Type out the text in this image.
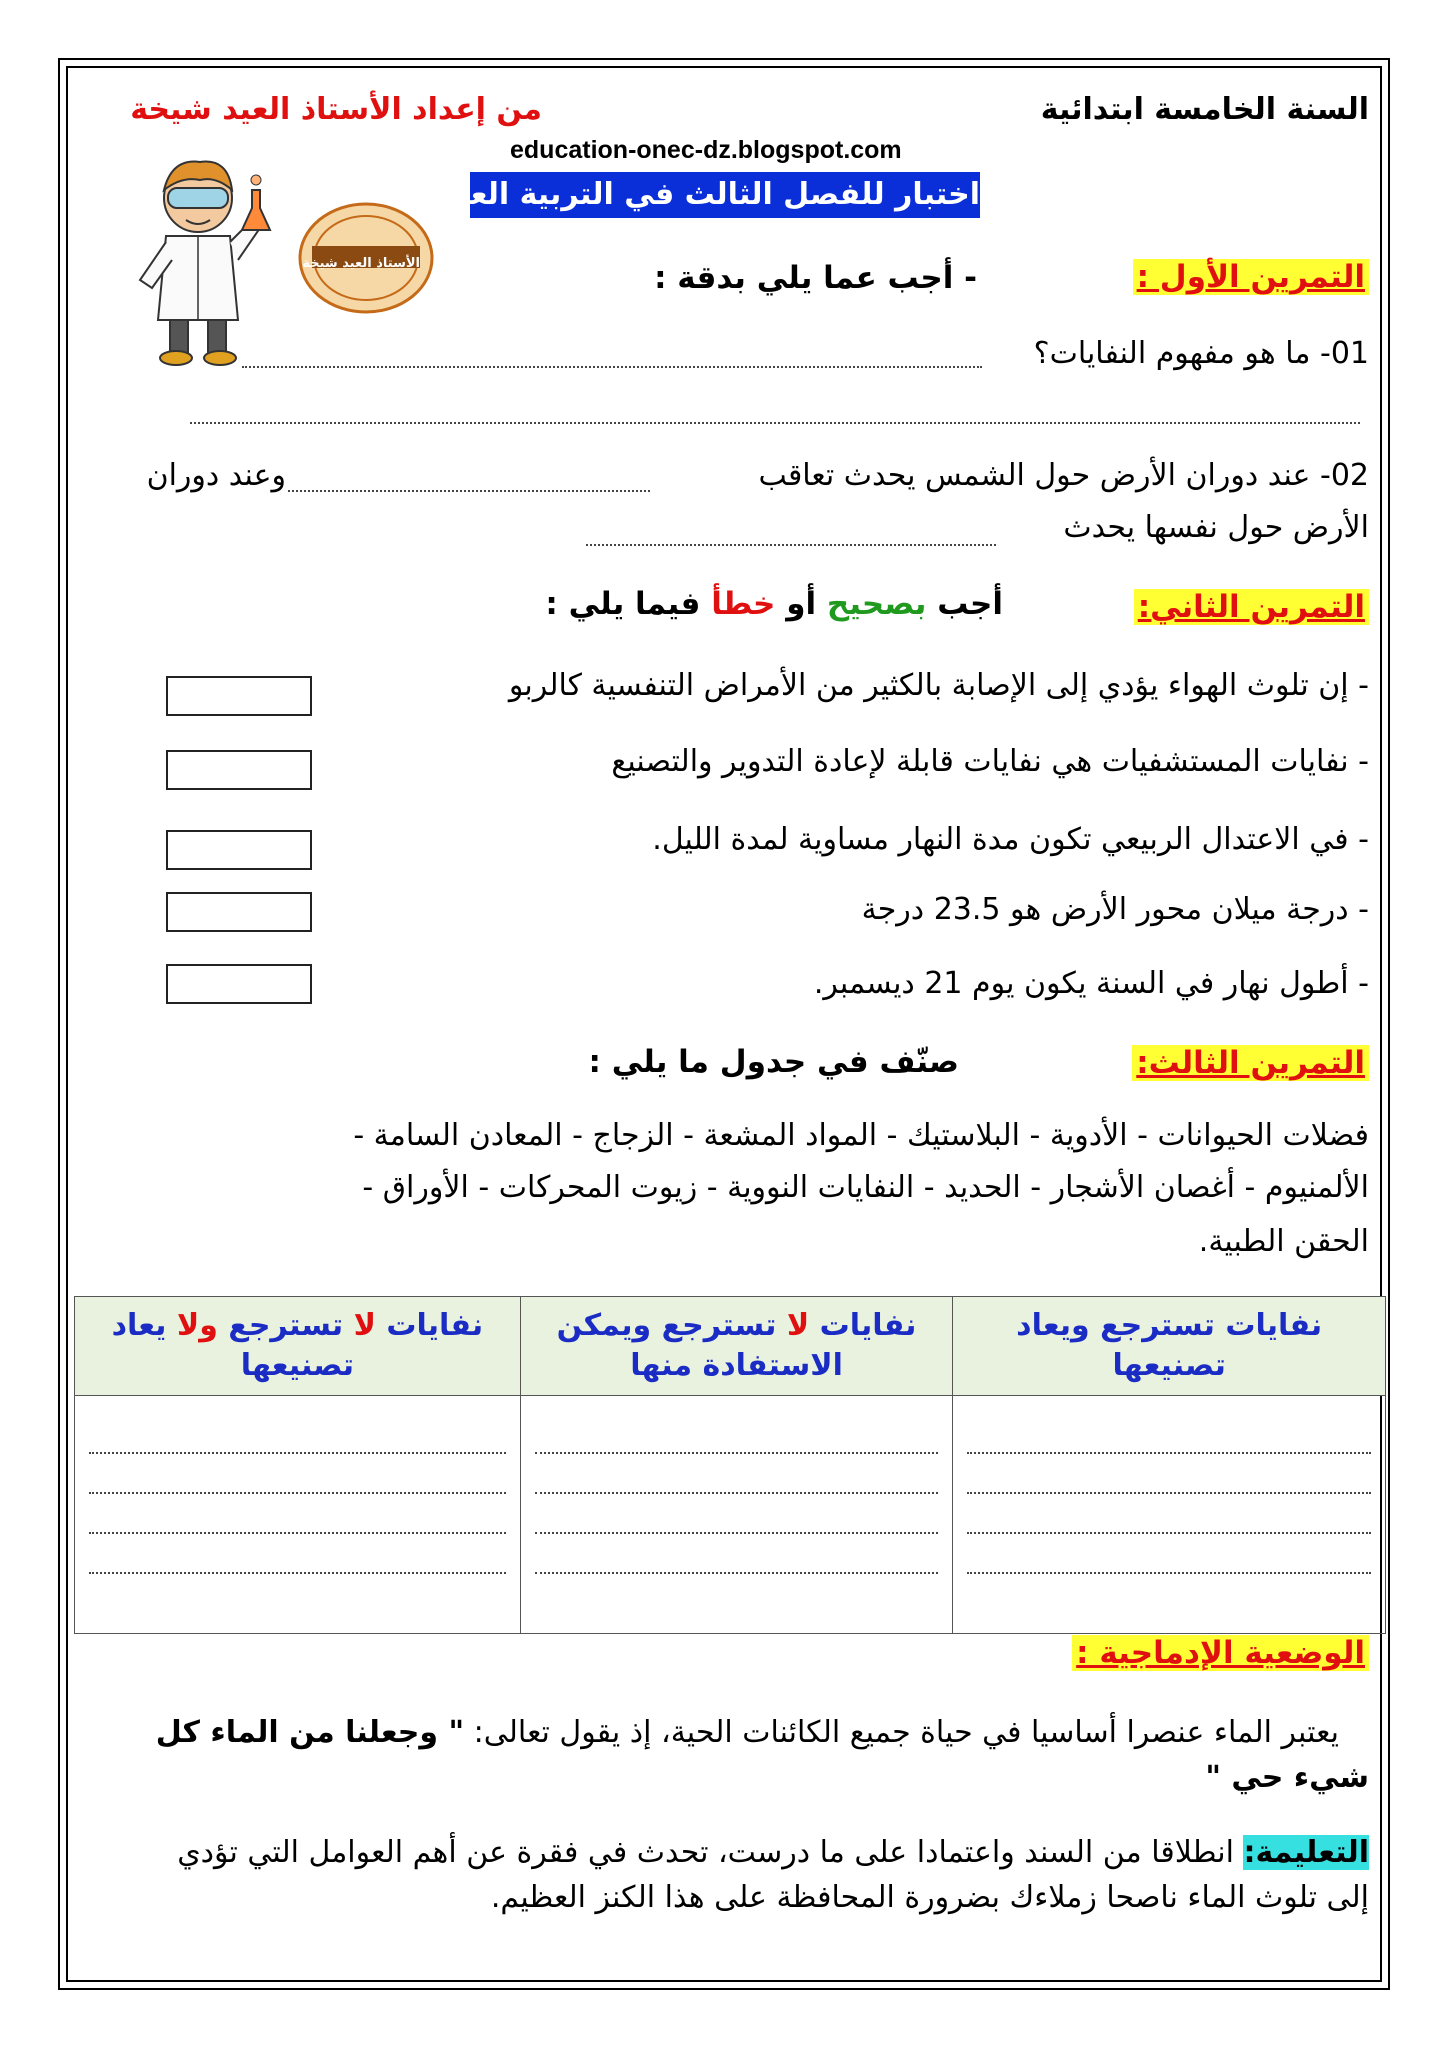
السنة الخامسة ابتدائية
من إعداد الأستاذ العيد شيخة
education-onec-dz.blogspot.com
اختبار للفصل الثالث في التربية العلمية
الأستاذ العيد شيخة	التمرين الأول :
- أجب عما يلي بدقة :
01- ما هو مفهوم النفايات؟
02- عند دوران الأرض حول الشمس يحدث تعاقب
وعند دوران
الأرض حول نفسها يحدث
التمرين الثاني:
أجب بصحيح أو خطأ فيما يلي :
- إن تلوث الهواء يؤدي إلى الإصابة بالكثير من الأمراض التنفسية كالربو
- نفايات المستشفيات هي نفايات قابلة لإعادة التدوير والتصنيع
- في الاعتدال الربيعي تكون مدة النهار مساوية لمدة الليل.
- درجة ميلان محور الأرض هو 23.5 درجة
- أطول نهار في السنة يكون يوم 21 ديسمبر.
التمرين الثالث:
صنّف في جدول ما يلي :
فضلات الحيوانات - الأدوية - البلاستيك - المواد المشعة - الزجاج - المعادن السامة -
الألمنيوم - أغصان الأشجار - الحديد - النفايات النووية - زيوت المحركات - الأوراق -
الحقن الطبية.
نفايات تسترجع ويعاد تصنيعها	نفايات لا تسترجع ويمكن الاستفادة منها	نفايات لا تسترجع ولا يعاد تصنيعها

الوضعية الإدماجية :
يعتبر الماء عنصرا أساسيا في حياة جميع الكائنات الحية، إذ يقول تعالى: " وجعلنا من الماء كل شيء حي "
التعليمة: انطلاقا من السند واعتمادا على ما درست، تحدث في فقرة عن أهم العوامل التي تؤدي إلى تلوث الماء ناصحا زملاءك بضرورة المحافظة على هذا الكنز العظيم.
